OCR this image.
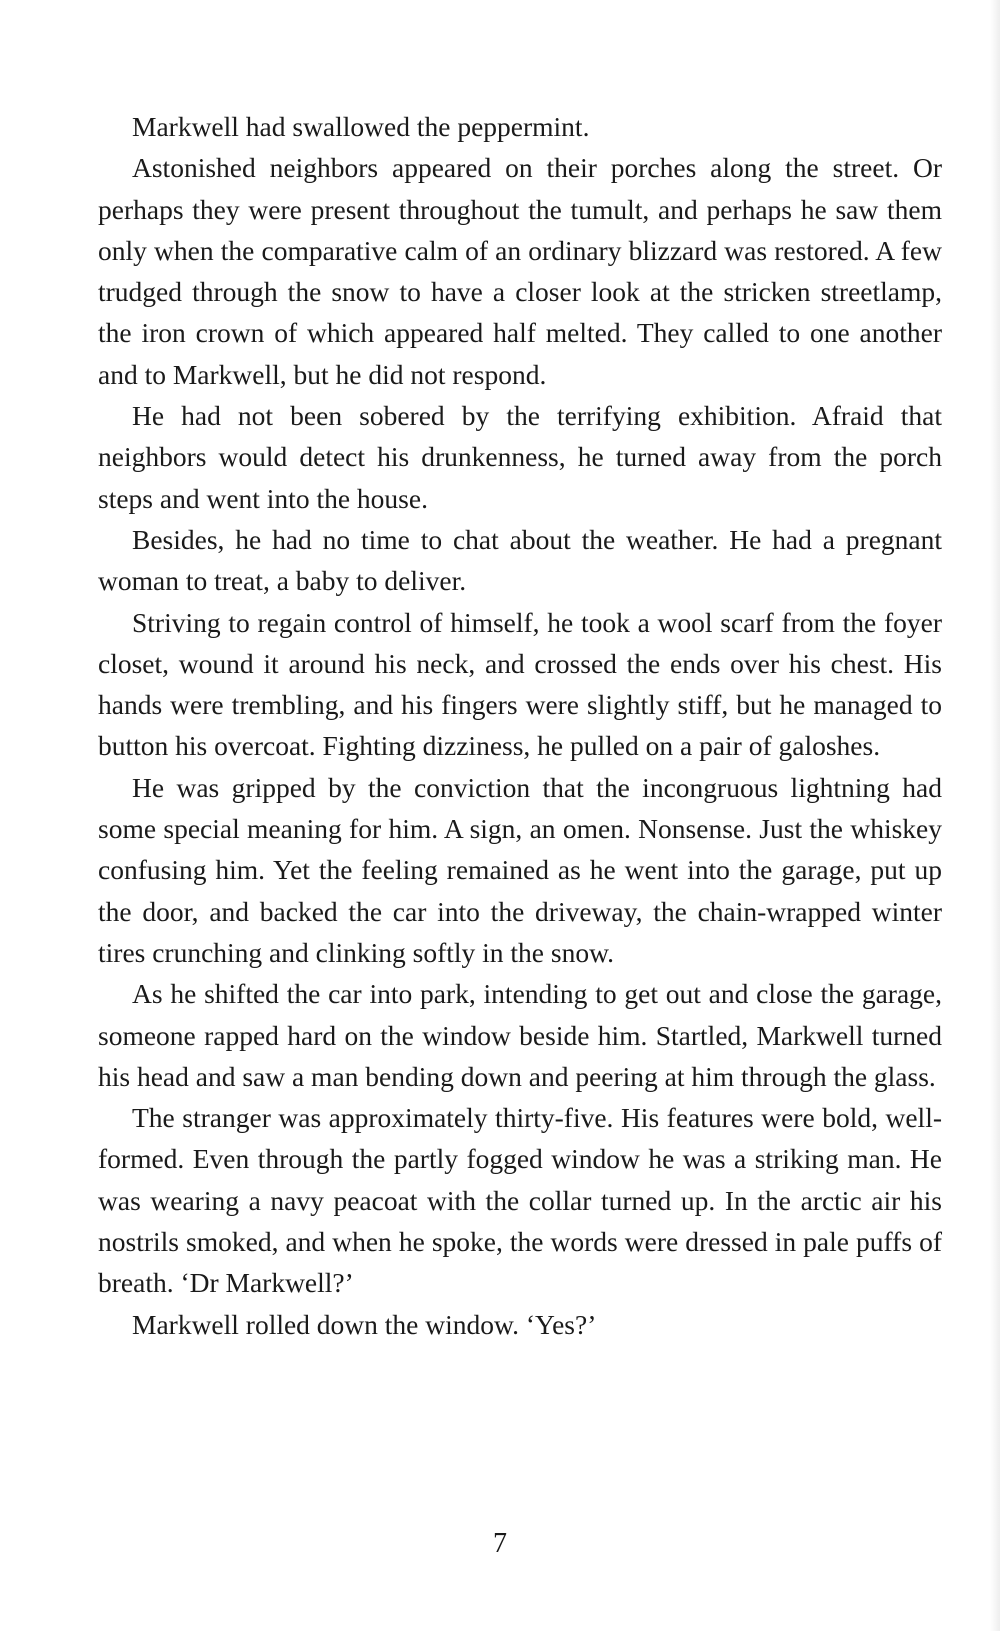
Markwell had swallowed the peppermint.

Astonished neighbors appeared on their porches along the street. Or perhaps they were present throughout the tumult, and perhaps he saw them only when the comparative calm of an ordinary blizzard was restored. A few trudged through the snow to have a closer look at the stricken streetlamp, the iron crown of which appeared half melted. They called to one another and to Markwell, but he did not respond.

He had not been sobered by the terrifying exhibition. Afraid that neighbors would detect his drunkenness, he turned away from the porch steps and went into the house.

Besides, he had no time to chat about the weather. He had a pregnant woman to treat, a baby to deliver.

Striving to regain control of himself, he took a wool scarf from the foyer closet, wound it around his neck, and crossed the ends over his chest. His hands were trembling, and his fingers were slightly stiff, but he managed to button his overcoat. Fighting dizziness, he pulled on a pair of galoshes.

He was gripped by the conviction that the incongruous lightning had some special meaning for him. A sign, an omen. Nonsense. Just the whiskey confusing him. Yet the feeling remained as he went into the garage, put up the door, and backed the car into the driveway, the chain-wrapped winter tires crunching and clinking softly in the snow.

As he shifted the car into park, intending to get out and close the garage, someone rapped hard on the window beside him. Startled, Markwell turned his head and saw a man bending down and peering at him through the glass.

The stranger was approximately thirty-five. His features were bold, well-formed. Even through the partly fogged window he was a striking man. He was wearing a navy peacoat with the collar turned up. In the arctic air his nostrils smoked, and when he spoke, the words were dressed in pale puffs of breath. ‘Dr Markwell?’

Markwell rolled down the window. ‘Yes?’

7
